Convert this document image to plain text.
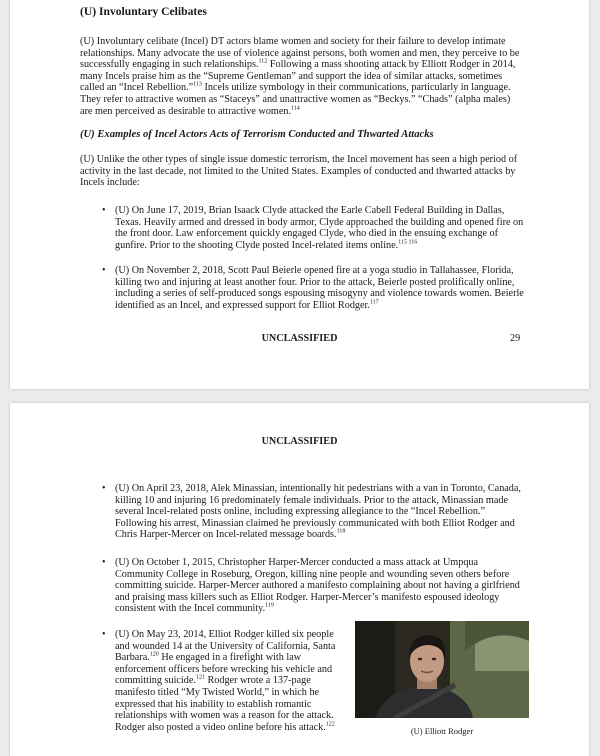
(U) Involuntary Celibates
(U) Involuntary celibate (Incel) DT actors blame women and society for their failure to develop intimate relationships. Many advocate the use of violence against persons, both women and men, they perceive to be successfully engaging in such relationships.$^{112}$ Following a mass shooting attack by Elliott Rodger in 2014, many Incels praise him as the “Supreme Gentleman” and support the idea of similar attacks, sometimes called an “Incel Rebellion.”$^{113}$ Incels utilize symbology in their communications, particularly in language. They refer to attractive women as “Staceys” and unattractive women as “Beckys.” “Chads” (alpha males) are men perceived as desirable to attractive women.$^{114}$
(U) Examples of Incel Actors Acts of Terrorism Conducted and Thwarted Attacks
(U) Unlike the other types of single issue domestic terrorism, the Incel movement has seen a high period of activity in the last decade, not limited to the United States. Examples of conducted and thwarted attacks by Incels include:
• (U) On June 17, 2019, Brian Isaack Clyde attacked the Earle Cabell Federal Building in Dallas, Texas. Heavily armed and dressed in body armor, Clyde approached the building and opened fire on the front door. Law enforcement quickly engaged Clyde, who died in the ensuing exchange of gunfire. Prior to the shooting Clyde posted Incel-related items online.$^{115 116}$
• (U) On November 2, 2018, Scott Paul Beierle opened fire at a yoga studio in Tallahassee, Florida, killing two and injuring at least another four. Prior to the attack, Beierle posted prolifically online, including a series of self-produced songs espousing misogyny and violence towards women. Beierle identified as an Incel, and expressed support for Elliot Rodger.$^{117}$
UNCLASSIFIED	29
UNCLASSIFIED
• (U) On April 23, 2018, Alek Minassian, intentionally hit pedestrians with a van in Toronto, Canada, killing 10 and injuring 16 predominately female individuals. Prior to the attack, Minassian made several Incel-related posts online, including expressing allegiance to the “Incel Rebellion.” Following his arrest, Minassian claimed he previously communicated with both Elliot Rodger and Chris Harper-Mercer on Incel-related message boards.$^{118}$
• (U) On October 1, 2015, Christopher Harper-Mercer conducted a mass attack at Umpqua Community College in Roseburg, Oregon, killing nine people and wounding seven others before committing suicide. Harper-Mercer authored a manifesto complaining about not having a girlfriend and praising mass killers such as Elliot Rodger. Harper-Mercer’s manifesto espoused ideology consistent with the Incel community.$^{119}$
• (U) On May 23, 2014, Elliot Rodger killed six people and wounded 14 at the University of California, Santa Barbara.$^{120}$ He engaged in a firefight with law enforcement officers before wrecking his vehicle and committing suicide.$^{121}$ Rodger wrote a 137-page manifesto titled “My Twisted World,” in which he expressed that his inability to establish romantic relationships with women was a reason for the attack. Rodger also posted a video online before his attack.$^{122}$
(U) Elliott Rodger
